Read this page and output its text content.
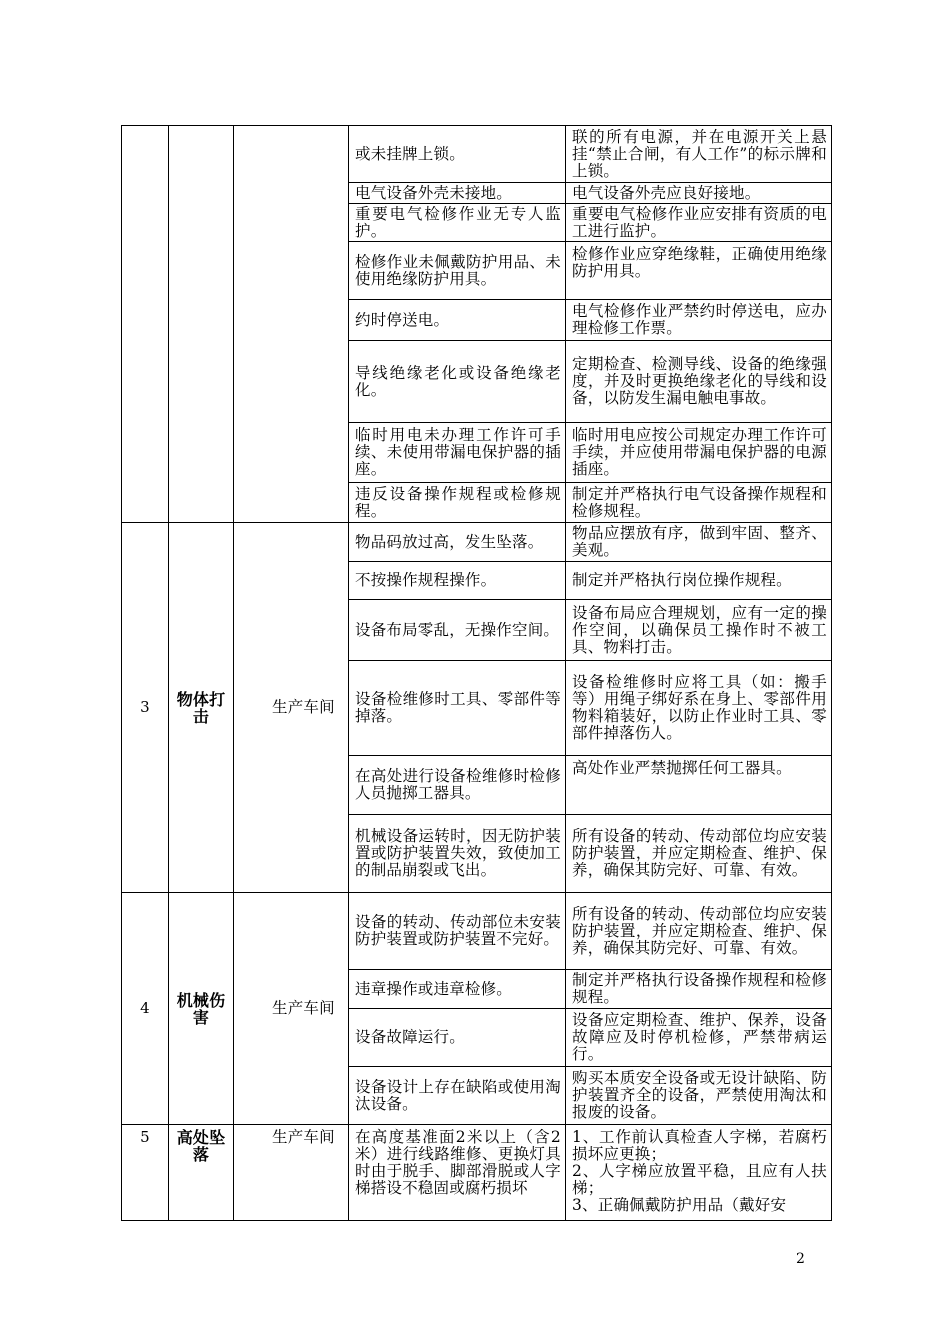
			或未挂牌上锁。	联的所有电源，并在电源开关上悬挂“禁止合闸，有人工作”的标示牌和上锁。

			电气设备外壳未接地。	电气设备外壳应良好接地。

			重要电气检修作业无专人监护。	重要电气检修作业应安排有资质的电工进行监护。

			检修作业未佩戴防护用品、未使用绝缘防护用具。	检修作业应穿绝缘鞋，正确使用绝缘防护用具。

			约时停送电。	电气检修作业严禁约时停送电，应办理检修工作票。

			导线绝缘老化或设备绝缘老化。	定期检查、检测导线、设备的绝缘强度，并及时更换绝缘老化的导线和设备，以防发生漏电触电事故。

			临时用电未办理工作许可手续、未使用带漏电保护器的插座。	临时用电应按公司规定办理工作许可手续，并应使用带漏电保护器的电源插座。

			违反设备操作规程或检修规程。	制定并严格执行电气设备操作规程和检修规程。

3	物体打击	生产车间	物品码放过高，发生坠落。	物品应摆放有序，做到牢固、整齐、美观。

			不按操作规程操作。	制定并严格执行岗位操作规程。

			设备布局零乱，无操作空间。	设备布局应合理规划，应有一定的操作空间，以确保员工操作时不被工具、物料打击。

			设备检维修时工具、零部件等掉落。	设备检维修时应将工具（如：搬手等）用绳子绑好系在身上、零部件用物料箱装好，以防止作业时工具、零部件掉落伤人。

			在高处进行设备检维修时检修人员抛掷工器具。	高处作业严禁抛掷任何工器具。

			机械设备运转时，因无防护装置或防护装置失效，致使加工的制品崩裂或飞出。	所有设备的转动、传动部位均应安装防护装置，并应定期检查、维护、保养，确保其防完好、可靠、有效。

4	机械伤害	生产车间	设备的转动、传动部位未安装防护装置或防护装置不完好。	所有设备的转动、传动部位均应安装防护装置，并应定期检查、维护、保养，确保其防完好、可靠、有效。

			违章操作或违章检修。	制定并严格执行设备操作规程和检修规程。

			设备故障运行。	设备应定期检查、维护、保养，设备故障应及时停机检修，严禁带病运行。

			设备设计上存在缺陷或使用淘汰设备。	购买本质安全设备或无设计缺陷、防护装置齐全的设备，严禁使用淘汰和报废的设备。

5	高处坠落	生产车间	在高度基准面2米以上（含2米）进行线路维修、更换灯具时由于脱手、脚部滑脱或人字梯搭设不稳固或腐朽损坏	1、工作前认真检查人字梯，若腐朽损坏应更换；
2、人字梯应放置平稳，且应有人扶梯；
3、正确佩戴防护用品（戴好安
2
